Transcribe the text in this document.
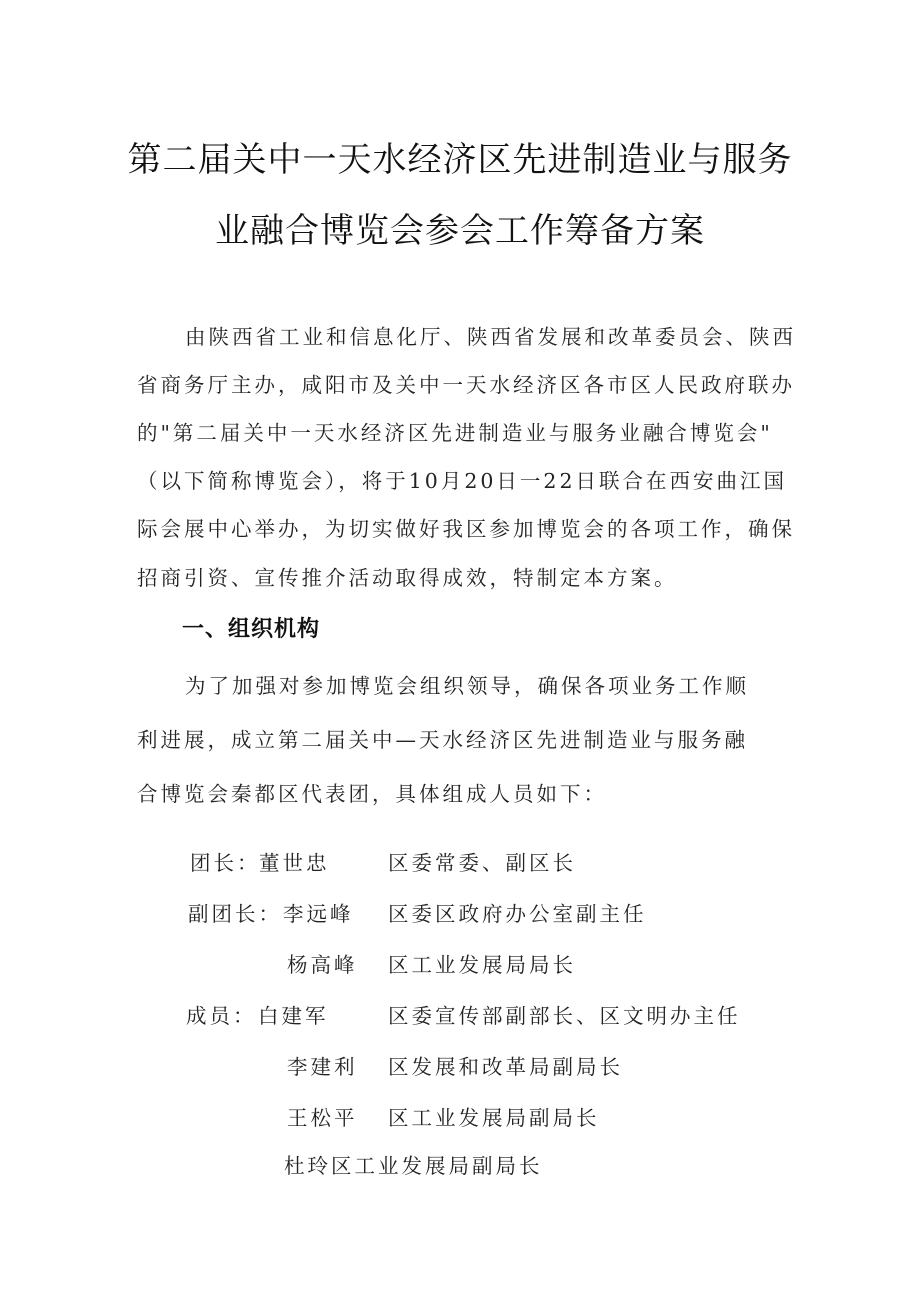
第二届关中一天水经济区先进制造业与服务
业融合博览会参会工作筹备方案
由陕西省工业和信息化厅、陕西省发展和改革委员会、陕西
省商务厅主办，咸阳市及关中一天水经济区各市区人民政府联办
的"第二届关中一天水经济区先进制造业与服务业融合博览会"
（以下简称博览会），将于10月20日一22日联合在西安曲江国
际会展中心举办，为切实做好我区参加博览会的各项工作，确保
招商引资、宣传推介活动取得成效，特制定本方案。
一、组织机构
为了加强对参加博览会组织领导，确保各项业务工作顺
利进展，成立第二届关中—天水经济区先进制造业与服务融
合博览会秦都区代表团，具体组成人员如下：
团长：
董世忠	区委常委、副区长
副团长： 李远峰 区委区政府办公室副主任
杨高峰 区工业发展局局长
成员： 白建军	区委宣传部副部长、区文明办主任
李建利 区发展和改革局副局长
王松平 区工业发展局副局长
杜玲区工业发展局副局长
